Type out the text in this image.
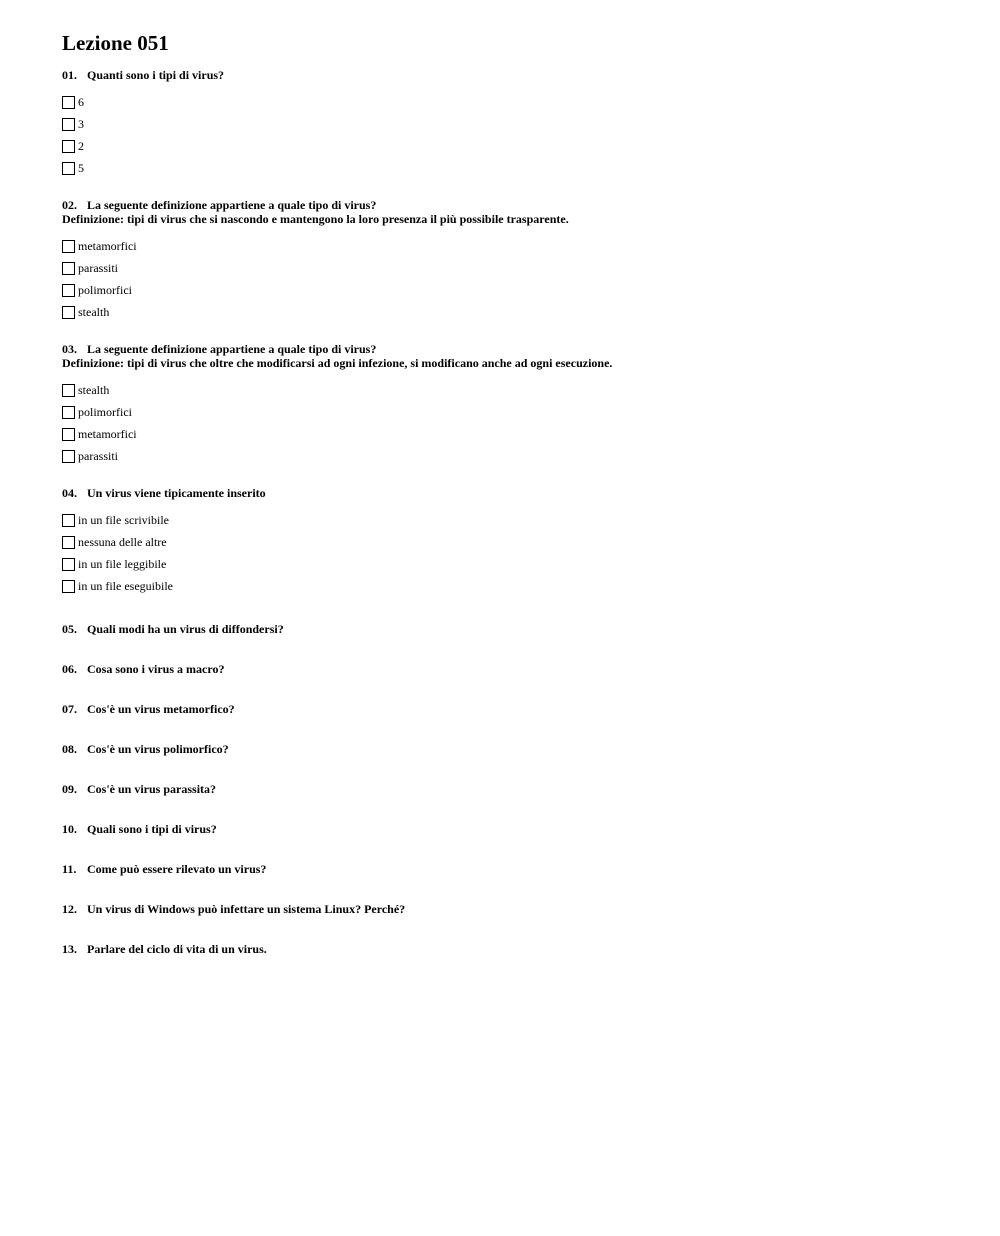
Lezione 051
01. Quanti sono i tipi di virus?
6
3
2
5
02. La seguente definizione appartiene a quale tipo di virus?
Definizione: tipi di virus che si nascondo e mantengono la loro presenza il più possibile trasparente.
metamorfici
parassiti
polimorfici
stealth
03. La seguente definizione appartiene a quale tipo di virus?
Definizione: tipi di virus che oltre che modificarsi ad ogni infezione, si modificano anche ad ogni esecuzione.
stealth
polimorfici
metamorfici
parassiti
04. Un virus viene tipicamente inserito
in un file scrivibile
nessuna delle altre
in un file leggibile
in un file eseguibile
05. Quali modi ha un virus di diffondersi?
06. Cosa sono i virus a macro?
07. Cos'è un virus metamorfico?
08. Cos'è un virus polimorfico?
09. Cos'è un virus parassita?
10. Quali sono i tipi di virus?
11. Come può essere rilevato un virus?
12. Un virus di Windows può infettare un sistema Linux? Perché?
13. Parlare del ciclo di vita di un virus.
